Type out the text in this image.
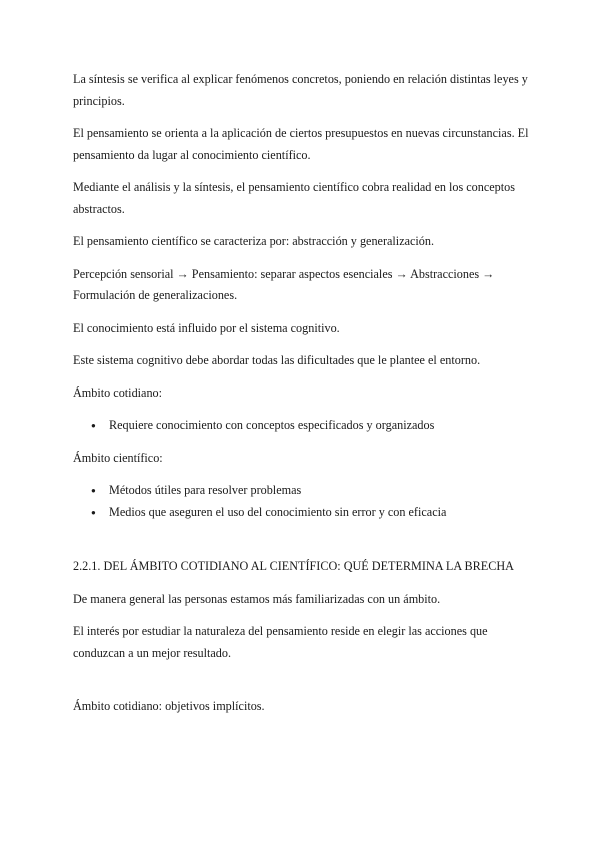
La síntesis se verifica al explicar fenómenos concretos, poniendo en relación distintas leyes y principios.

El pensamiento se orienta a la aplicación de ciertos presupuestos en nuevas circunstancias. El pensamiento da lugar al conocimiento científico.

Mediante el análisis y la síntesis, el pensamiento científico cobra realidad en los conceptos abstractos.

El pensamiento científico se caracteriza por: abstracción y generalización.

Percepción sensorial → Pensamiento: separar aspectos esenciales → Abstracciones → Formulación de generalizaciones.

El conocimiento está influido por el sistema cognitivo.

Este sistema cognitivo debe abordar todas las dificultades que le plantee el entorno.

Ámbito cotidiano:

● Requiere conocimiento con conceptos especificados y organizados

Ámbito científico:

● Métodos útiles para resolver problemas
● Medios que aseguren el uso del conocimiento sin error y con eficacia

2.2.1. DEL ÁMBITO COTIDIANO AL CIENTÍFICO: QUÉ DETERMINA LA BRECHA

De manera general las personas estamos más familiarizadas con un ámbito.

El interés por estudiar la naturaleza del pensamiento reside en elegir las acciones que conduzcan a un mejor resultado.

Ámbito cotidiano: objetivos implícitos.
